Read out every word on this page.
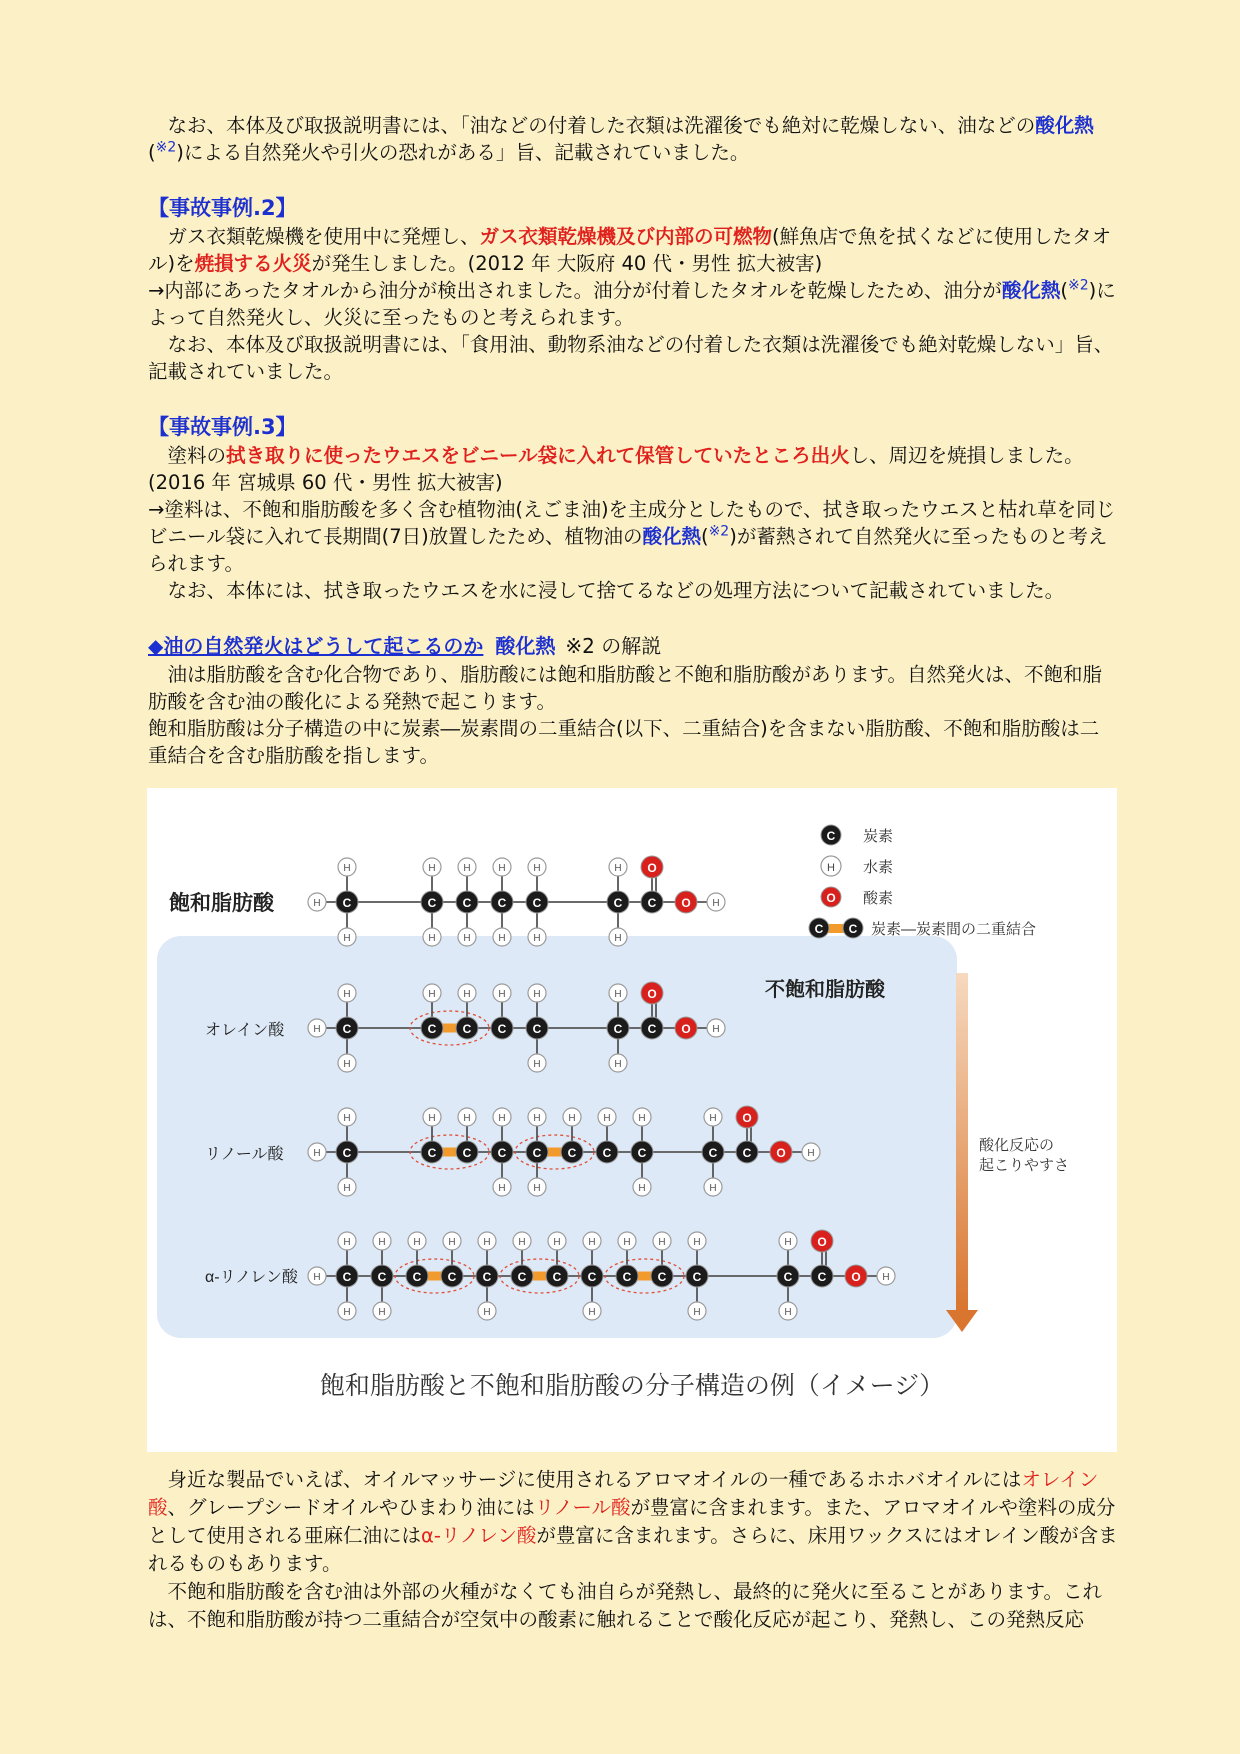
なお、本体及び取扱説明書には、「油などの付着した衣類は洗濯後でも絶対に乾燥しない、油などの酸化熱
($^{※2}$)による自然発火や引火の恐れがある」旨、記載されていました。

【事故事例.2】

ガス衣類乾燥機を使用中に発煙し、ガス衣類乾燥機及び内部の可燃物(鮮魚店で魚を拭くなどに使用したタオル)を焼損する火災が発生しました。(2012 年 大阪府 40 代・男性 拡大被害)

→内部にあったタオルから油分が検出されました。油分が付着したタオルを乾燥したため、油分が酸化熱($^{※2}$)によって自然発火し、火災に至ったものと考えられます。

なお、本体及び取扱説明書には、「食用油、動物系油などの付着した衣類は洗濯後でも絶対乾燥しない」旨、記載されていました。

【事故事例.3】

塗料の拭き取りに使ったウエスをビニール袋に入れて保管していたところ出火し、周辺を焼損しました。(2016 年 宮城県 60 代・男性 拡大被害)

→塗料は、不飽和脂肪酸を多く含む植物油(えごま油)を主成分としたもので、拭き取ったウエスと枯れ草を同じビニール袋に入れて長期間(7日)放置したため、植物油の酸化熱($^{※2}$)が蓄熱されて自然発火に至ったものと考えられます。

なお、本体には、拭き取ったウエスを水に浸して捨てるなどの処理方法について記載されていました。

◆油の自然発火はどうして起こるのか 酸化熱 ※2 の解説

油は脂肪酸を含む化合物であり、脂肪酸には飽和脂肪酸と不飽和脂肪酸があります。自然発火は、不飽和脂肪酸を含む油の酸化による発熱で起こります。

飽和脂肪酸は分子構造の中に炭素―炭素間の二重結合(以下、二重結合)を含まない脂肪酸、不飽和脂肪酸は二重結合を含む脂肪酸を指します。

H
H
H
H
H
H
H
H
H
H
H C	C C C C
H
C
H
C
O
O H
H
H
H	H	H	H
H
H C	C C C C
H
C
H
C
O
O H
H
H
H	H	H
H
H
H
H	H	H
H
H C	C C C C C C C
H
C
H
C
O
O H
H
H
H
H
H	H	H
H
H	H	H
H
H	H	H
H
H C C C C C C C C C C C
H
C
H
C
O
O H
飽和脂肪酸
不飽和脂肪酸
オレイン酸
リノール酸
α-リノレン酸
C 炭素
H 水素
O 酸素
C C 炭素―炭素間の二重結合
酸化反応の
起こりやすさ
飽和脂肪酸と不飽和脂肪酸の分子構造の例（イメージ）

身近な製品でいえば、オイルマッサージに使用されるアロマオイルの一種であるホホバオイルにはオレイン酸、グレープシードオイルやひまわり油にはリノール酸が豊富に含まれます。また、アロマオイルや塗料の成分として使用される亜麻仁油にはα-リノレン酸が豊富に含まれます。さらに、床用ワックスにはオレイン酸が含まれるものもあります。

不飽和脂肪酸を含む油は外部の火種がなくても油自らが発熱し、最終的に発火に至ることがあります。これは、不飽和脂肪酸が持つ二重結合が空気中の酸素に触れることで酸化反応が起こり、発熱し、この発熱反応
